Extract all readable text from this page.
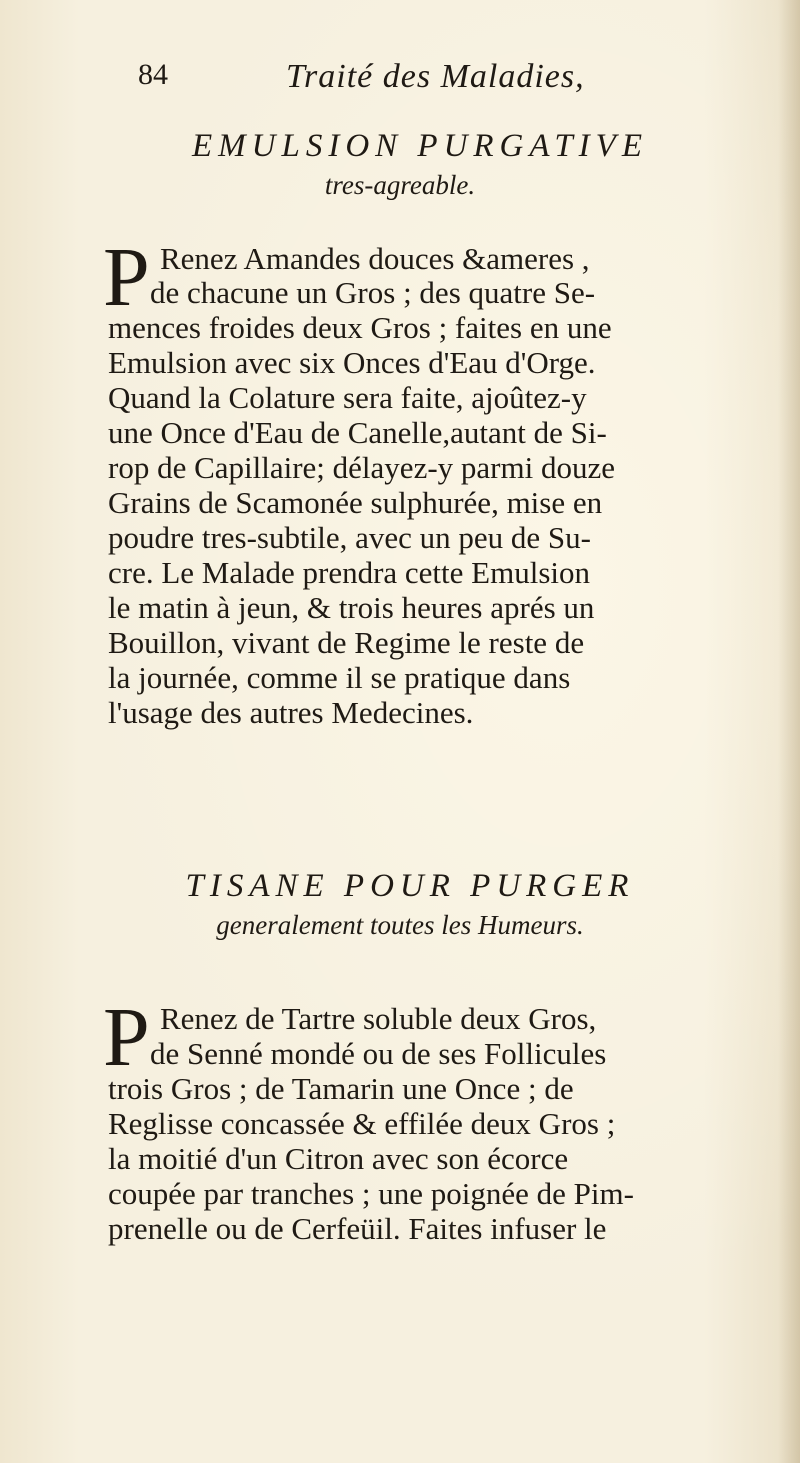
84	Traité des Maladies,
EMULSION PURGATIVE
tres-agreable.
P Renez Amandes douces &ameres ,
de chacune un Gros ; des quatre Se-
mences froides deux Gros ; faites en une
Emulsion avec six Onces d'Eau d'Orge.
Quand la Colature sera faite, ajoûtez-y
une Once d'Eau de Canelle,autant de Si-
rop de Capillaire; délayez-y parmi douze
Grains de Scamonée sulphurée, mise en
poudre tres-subtile, avec un peu de Su-
cre. Le Malade prendra cette Emulsion
le matin à jeun, & trois heures aprés un
Bouillon, vivant de Regime le reste de
la journée, comme il se pratique dans
l'usage des autres Medecines.
TISANE POUR PURGER
generalement toutes les Humeurs.
P Renez de Tartre soluble deux Gros,
de Senné mondé ou de ses Follicules
trois Gros ; de Tamarin une Once ; de
Reglisse concassée & effilée deux Gros ;
la moitié d'un Citron avec son écorce
coupée par tranches ; une poignée de Pim-
prenelle ou de Cerfeüil. Faites infuser le
